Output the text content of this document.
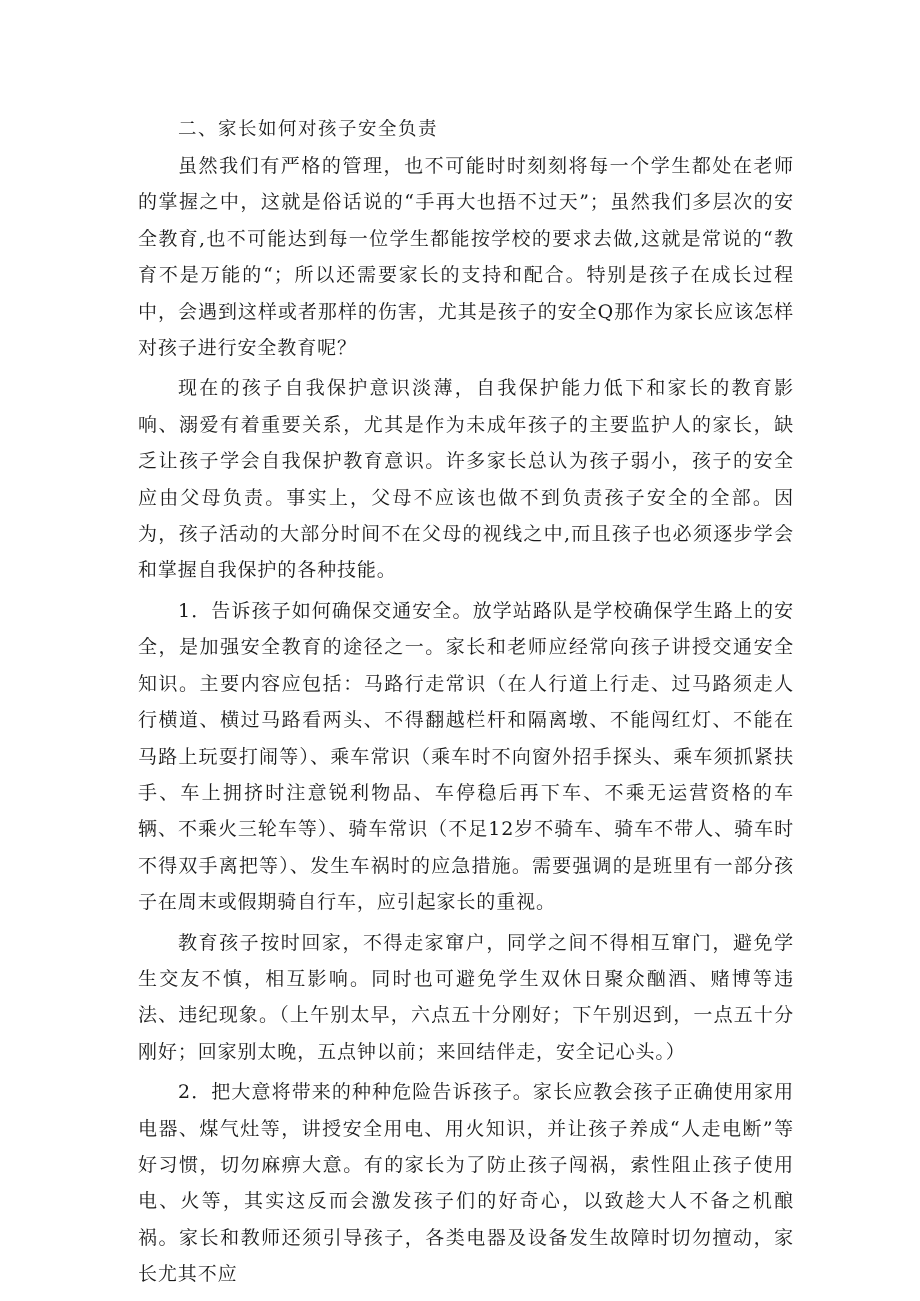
二、家长如何对孩子安全负责

虽然我们有严格的管理，也不可能时时刻刻将每一个学生都处在老师的掌握之中，这就是俗话说的“手再大也捂不过天”；虽然我们多层次的安全教育,也不可能达到每一位学生都能按学校的要求去做,这就是常说的“教育不是万能的“；所以还需要家长的支持和配合。特别是孩子在成长过程中，会遇到这样或者那样的伤害，尤其是孩子的安全Q那作为家长应该怎样对孩子进行安全教育呢？

现在的孩子自我保护意识淡薄，自我保护能力低下和家长的教育影响、溺爱有着重要关系，尤其是作为未成年孩子的主要监护人的家长，缺乏让孩子学会自我保护教育意识。许多家长总认为孩子弱小，孩子的安全应由父母负责。事实上，父母不应该也做不到负责孩子安全的全部。因为，孩子活动的大部分时间不在父母的视线之中,而且孩子也必须逐步学会和掌握自我保护的各种技能。

1．告诉孩子如何确保交通安全。放学站路队是学校确保学生路上的安全，是加强安全教育的途径之一。家长和老师应经常向孩子讲授交通安全知识。主要内容应包括：马路行走常识（在人行道上行走、过马路须走人行横道、横过马路看两头、不得翻越栏杆和隔离墩、不能闯红灯、不能在马路上玩耍打闹等）、乘车常识（乘车时不向窗外招手探头、乘车须抓紧扶手、车上拥挤时注意锐利物品、车停稳后再下车、不乘无运营资格的车辆、不乘火三轮车等）、骑车常识（不足12岁不骑车、骑车不带人、骑车时不得双手离把等）、发生车祸时的应急措施。需要强调的是班里有一部分孩子在周末或假期骑自行车，应引起家长的重视。

教育孩子按时回家，不得走家窜户，同学之间不得相互窜门，避免学生交友不慎，相互影响。同时也可避免学生双休日聚众酗酒、赌博等违法、违纪现象。（上午别太早，六点五十分刚好；下午别迟到，一点五十分刚好；回家别太晚，五点钟以前；来回结伴走，安全记心头。）

2．把大意将带来的种种危险告诉孩子。家长应教会孩子正确使用家用电器、煤气灶等，讲授安全用电、用火知识，并让孩子养成“人走电断”等好习惯，切勿麻痹大意。有的家长为了防止孩子闯祸，索性阻止孩子使用电、火等，其实这反而会激发孩子们的好奇心，以致趁大人不备之机酿祸。家长和教师还须引导孩子，各类电器及设备发生故障时切勿擅动，家长尤其不应
